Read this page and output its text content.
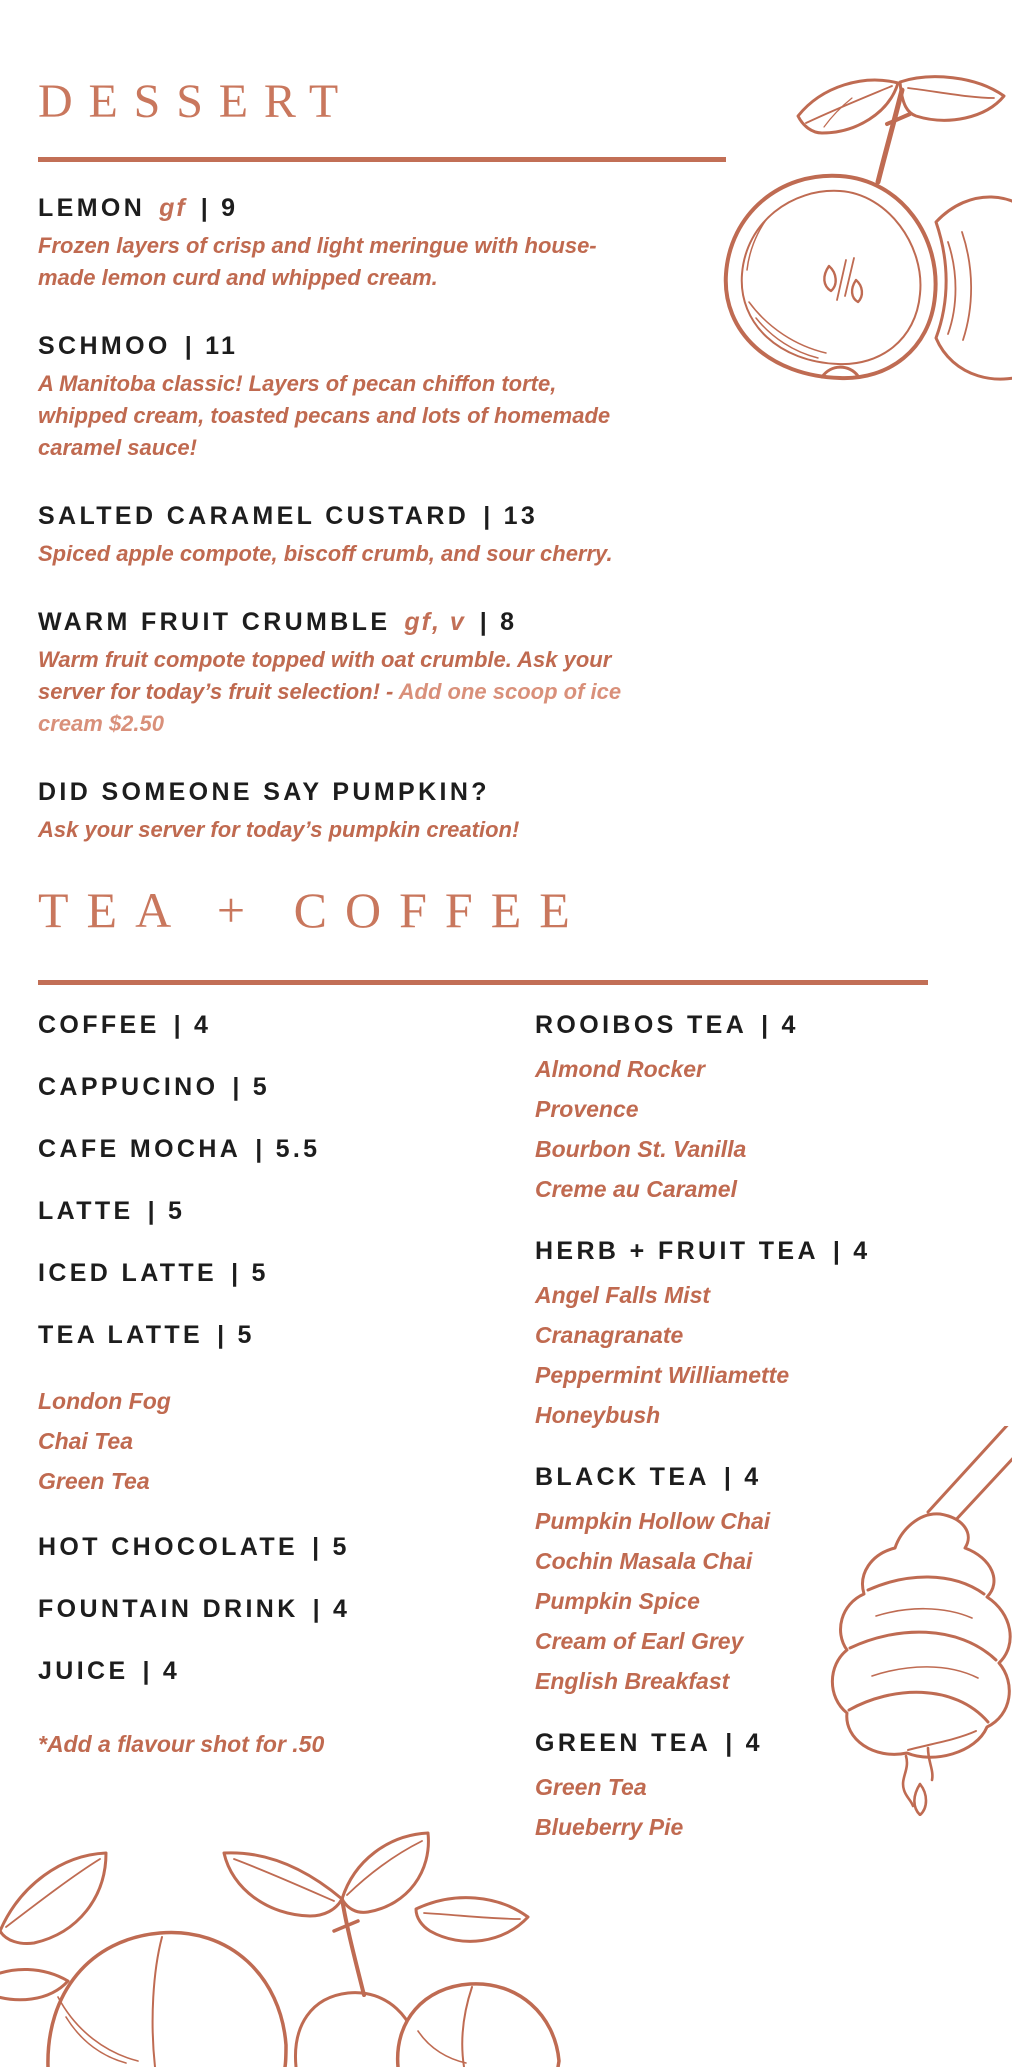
DESSERT
LEMON gf | 9

Frozen layers of crisp and light meringue with house-made lemon curd and whipped cream.

SCHMOO | 11

A Manitoba classic! Layers of pecan chiffon torte, whipped cream, toasted pecans and lots of homemade caramel sauce!

SALTED CARAMEL CUSTARD | 13

Spiced apple compote, biscoff crumb, and sour cherry.

WARM FRUIT CRUMBLE gf, v | 8

Warm fruit compote topped with oat crumble. Ask your server for today’s fruit selection! - Add one scoop of ice cream $2.50

DID SOMEONE SAY PUMPKIN?

Ask your server for today’s pumpkin creation!

TEA + COFFEE
COFFEE | 4
CAPPUCINO | 5
CAFE MOCHA | 5.5
LATTE | 5
ICED LATTE | 5
TEA LATTE | 5
London Fog
Chai Tea
Green Tea
HOT CHOCOLATE | 5
FOUNTAIN DRINK | 4
JUICE | 4

*Add a flavour shot for .50

ROOIBOS TEA | 4
Almond Rocker
Provence
Bourbon St. Vanilla
Creme au Caramel
HERB + FRUIT TEA | 4
Angel Falls Mist
Cranagranate
Peppermint Williamette
Honeybush
BLACK TEA | 4
Pumpkin Hollow Chai
Cochin Masala Chai
Pumpkin Spice
Cream of Earl Grey
English Breakfast
GREEN TEA | 4
Green Tea
Blueberry Pie
